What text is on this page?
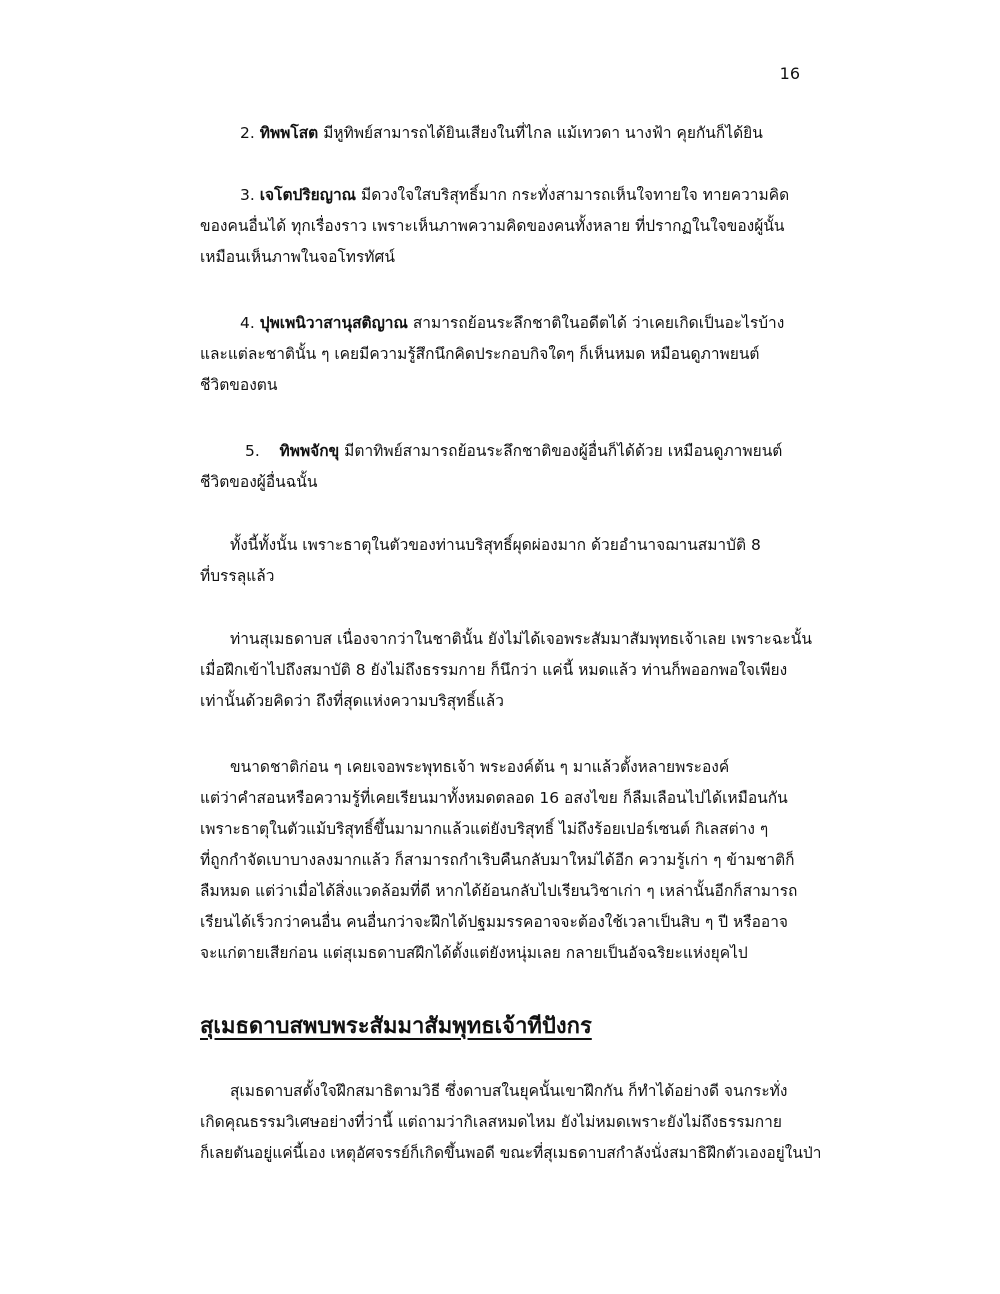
16
2. ทิพพโสต มีหูทิพย์สามารถได้ยินเสียงในที่ไกล แม้เทวดา นางฟ้า คุยกันก็ได้ยิน
3. เจโตปริยญาณ มีดวงใจใสบริสุทธิ์มาก กระทั่งสามารถเห็นใจทายใจ ทายความคิด
ของคนอื่นได้ ทุกเรื่องราว เพราะเห็นภาพความคิดของคนทั้งหลาย ที่ปรากฏในใจของผู้นั้น
เหมือนเห็นภาพในจอโทรทัศน์
4. ปุพเพนิวาสานุสติญาณ สามารถย้อนระลึกชาติในอดีตได้ ว่าเคยเกิดเป็นอะไรบ้าง
และแต่ละชาตินั้น ๆ เคยมีความรู้สึกนึกคิดประกอบกิจใดๆ ก็เห็นหมด หมือนดูภาพยนต์
ชีวิตของตน
5. ทิพพจักขุ มีตาทิพย์สามารถย้อนระลึกชาติของผู้อื่นก็ได้ด้วย เหมือนดูภาพยนต์
ชีวิตของผู้อื่นฉนั้น
ทั้งนี้ทั้งนั้น เพราะธาตุในตัวของท่านบริสุทธิ์ผุดผ่องมาก ด้วยอำนาจฌานสมาบัติ 8
ที่บรรลุแล้ว
ท่านสุเมธดาบส เนื่องจากว่าในชาตินั้น ยังไม่ได้เจอพระสัมมาสัมพุทธเจ้าเลย เพราะฉะนั้น
เมื่อฝึกเข้าไปถึงสมาบัติ 8 ยังไม่ถึงธรรมกาย ก็นึกว่า แค่นี้ หมดแล้ว ท่านก็พออกพอใจเพียง
เท่านั้นด้วยคิดว่า ถึงที่สุดแห่งความบริสุทธิ์แล้ว
ขนาดชาติก่อน ๆ เคยเจอพระพุทธเจ้า พระองค์ต้น ๆ มาแล้วตั้งหลายพระองค์
แต่ว่าคำสอนหรือความรู้ที่เคยเรียนมาทั้งหมดตลอด 16 อสงไขย ก็ลืมเลือนไปได้เหมือนกัน
เพราะธาตุในตัวแม้บริสุทธิ์ขึ้นมามากแล้วแต่ยังบริสุทธิ์ ไม่ถึงร้อยเปอร์เซนต์ กิเลสต่าง ๆ
ที่ถูกกำจัดเบาบางลงมากแล้ว ก็สามารถกำเริบคืนกลับมาใหม่ได้อีก ความรู้เก่า ๆ ข้ามชาติก็
ลืมหมด แต่ว่าเมื่อได้สิ่งแวดล้อมที่ดี หากได้ย้อนกลับไปเรียนวิชาเก่า ๆ เหล่านั้นอีกก็สามารถ
เรียนได้เร็วกว่าคนอื่น คนอื่นกว่าจะฝึกได้ปฐมมรรคอาจจะต้องใช้เวลาเป็นสิบ ๆ ปี หรืออาจ
จะแก่ตายเสียก่อน แต่สุเมธดาบสฝึกได้ตั้งแต่ยังหนุ่มเลย กลายเป็นอัจฉริยะแห่งยุคไป
สุเมธดาบสพบพระสัมมาสัมพุทธเจ้าทีปังกร
สุเมธดาบสตั้งใจฝึกสมาธิตามวิธี ซึ่งดาบสในยุคนั้นเขาฝึกกัน ก็ทำได้อย่างดี จนกระทั่ง
เกิดคุณธรรมวิเศษอย่างที่ว่านี้ แต่ถามว่ากิเลสหมดไหม ยังไม่หมดเพราะยังไม่ถึงธรรมกาย
ก็เลยตันอยู่แค่นี้เอง เหตุอัศจรรย์ก็เกิดขึ้นพอดี ขณะที่สุเมธดาบสกำลังนั่งสมาธิฝึกตัวเองอยู่ในป่า
